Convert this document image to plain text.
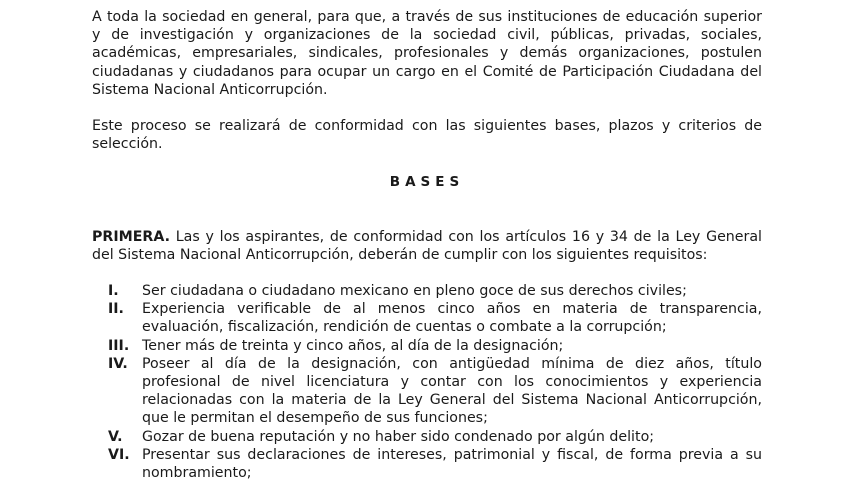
A toda la sociedad en general, para que, a través de sus instituciones de educación superior y de investigación y organizaciones de la sociedad civil, públicas, privadas, sociales, académicas, empresariales, sindicales, profesionales y demás organizaciones, postulen ciudadanas y ciudadanos para ocupar un cargo en el Comité de Participación Ciudadana del Sistema Nacional Anticorrupción.

Este proceso se realizará de conformidad con las siguientes bases, plazos y criterios de selección.

BASES

PRIMERA. Las y los aspirantes, de conformidad con los artículos 16 y 34 de la Ley General del Sistema Nacional Anticorrupción, deberán de cumplir con los siguientes requisitos:

I.	Ser ciudadana o ciudadano mexicano en pleno goce de sus derechos civiles;
II.	Experiencia verificable de al menos cinco años en materia de transparencia, evaluación, fiscalización, rendición de cuentas o combate a la corrupción;
III. Tener más de treinta y cinco años, al día de la designación;
IV. Poseer al día de la designación, con antigüedad mínima de diez años, título profesional de nivel licenciatura y contar con los conocimientos y experiencia relacionadas con la materia de la Ley General del Sistema Nacional Anticorrupción, que le permitan el desempeño de sus funciones;
V.	Gozar de buena reputación y no haber sido condenado por algún delito;
VI. Presentar sus declaraciones de intereses, patrimonial y fiscal, de forma previa a su nombramiento;
